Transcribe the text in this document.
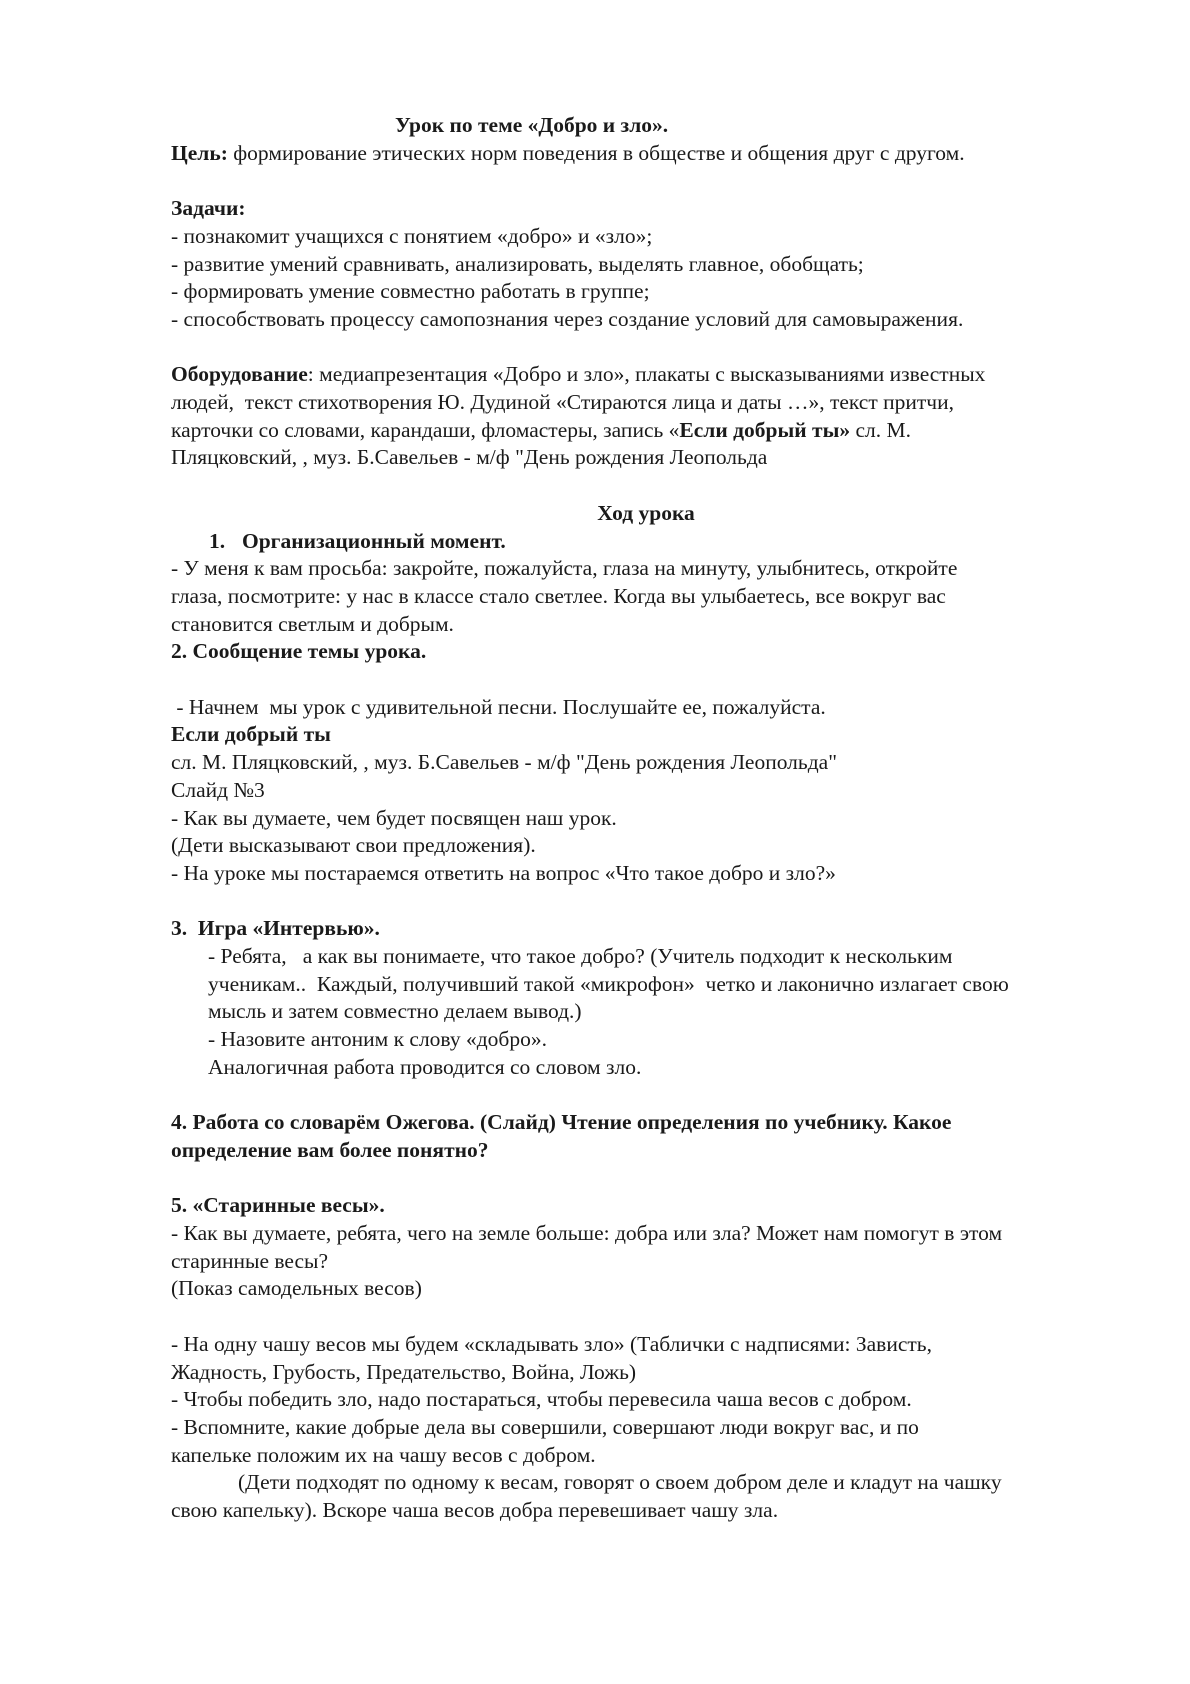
Урок по теме «Добро и зло».
Цель: формирование этических норм поведения в обществе и общения друг с другом.
Задачи:
- познакомит учащихся с понятием «добро» и «зло»;
- развитие умений сравнивать, анализировать, выделять главное, обобщать;
- формировать умение совместно работать в группе;
- способствовать процессу самопознания через создание условий для самовыражения.
Оборудование: медиапрезентация «Добро и зло», плакаты с высказываниями известных
людей,  текст стихотворения Ю. Дудиной «Стираются лица и даты …», текст притчи,
карточки со словами, карандаши, фломастеры, запись «Если добрый ты» сл. М.
Пляцковский, , муз. Б.Савельев - м/ф "День рождения Леопольда
Ход урока
1. Организационный момент.
- У меня к вам просьба: закройте, пожалуйста, глаза на минуту, улыбнитесь, откройте
глаза, посмотрите: у нас в классе стало светлее. Когда вы улыбаетесь, все вокруг вас
становится светлым и добрым.
2. Сообщение темы урока.
- Начнем  мы урок с удивительной песни. Послушайте ее, пожалуйста.
Если добрый ты
сл. М. Пляцковский, , муз. Б.Савельев - м/ф "День рождения Леопольда"
Слайд №3
- Как вы думаете, чем будет посвящен наш урок.
(Дети высказывают свои предложения).
- На уроке мы постараемся ответить на вопрос «Что такое добро и зло?»
3.  Игра «Интервью».
- Ребята,   а как вы понимаете, что такое добро? (Учитель подходит к нескольким
ученикам..  Каждый, получивший такой «микрофон»  четко и лаконично излагает свою
мысль и затем совместно делаем вывод.)
- Назовите антоним к слову «добро».
Аналогичная работа проводится со словом зло.
4. Работа со словарём Ожегова. (Слайд) Чтение определения по учебнику. Какое
определение вам более понятно?
5. «Старинные весы».
- Как вы думаете, ребята, чего на земле больше: добра или зла? Может нам помогут в этом
старинные весы?
(Показ самодельных весов)
- На одну чашу весов мы будем «складывать зло» (Таблички с надписями: Зависть,
Жадность, Грубость, Предательство, Война, Ложь)
- Чтобы победить зло, надо постараться, чтобы перевесила чаша весов с добром.
- Вспомните, какие добрые дела вы совершили, совершают люди вокруг вас, и по
капельке положим их на чашу весов с добром.
(Дети подходят по одному к весам, говорят о своем добром деле и кладут на чашку
свою капельку). Вскоре чаша весов добра перевешивает чашу зла.
